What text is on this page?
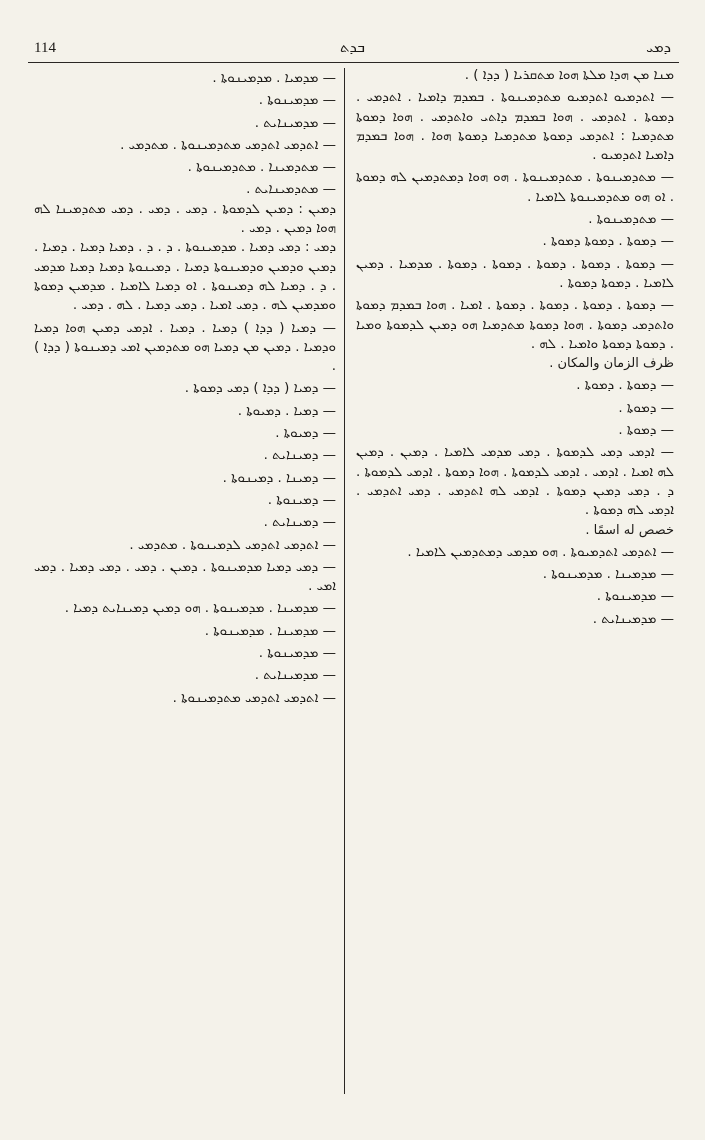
114	ܒܕܬ	ܕܡܝ

ܡܢܐ ܡܢ ܗܕܐ ܡܠܬܐ ܗܘܐ ܡܬܩܪܝܐ ( ܕܕܐ ) .

— ܐܬܕܡܝܘ ܐܬܕܡܝܘ ܡܬܕܡܝܢܘܬܐ . ܒܡܕܡ ܕܐܡܝܐ . ܐܬܕܡܝ . ܕܡܘܬܐ . ܐܬܕܡܝ . ܗܘܐ ܒܡܕܡ ܕܐܬܝ ܘܐܬܕܡܝ . ܗܘܐ ܕܡܘܬܐ ܡܬܕܡܝܐ : ܐܬܕܡܝ ܕܡܘܬܐ ܡܬܕܡܝܐ ܕܡܘܬܐ ܗܘܐ . ܗܘܐ ܒܡܕܡ ܕܐܡܝܐ ܐܬܕܡܝܘ .

— ܡܬܕܡܝܢܘܬܐ . ܡܬܕܡܝܢܘܬܐ . ܗܘ ܗܘܐ ܕܡܬܕܡܝܢ ܠܗ ܕܡܘܬܐ . ܐܘ ܗܘ ܡܬܕܡܝܢܘܬܐ ܠܐܡܝܐ .

— ܡܬܕܡܝܢܘܬܐ .

— ܕܡܘܬܐ . ܕܡܘܬܐ ܕܡܘܬܐ .

— ܕܡܘܬܐ . ܕܡܘܬܐ . ܕܡܘܬܐ . ܕܡܘܬܐ . ܕܡܘܬܐ . ܡܕܡܝܐ . ܕܡܝܢ ܠܐܡܝܐ . ܕܡܘܬܐ ܕܡܘܬܐ .

— ܕܡܘܬܐ . ܕܡܘܬܐ . ܕܡܘܬܐ . ܕܡܘܬܐ . ܐܡܝܐ . ܗܘܐ ܒܡܕܡ ܕܡܘܬܐ ܘܐܬܕܡܝ ܕܡܘܬܐ . ܗܘܐ ܕܡܘܬܐ ܡܬܕܡܝܐ ܗܘ ܕܡܝܢ ܠܕܡܘܬܐ ܘܡܝܐ . ܕܡܘܬܐ ܕܡܘܬܐ ܘܐܡܝܐ . ܠܗ .

ظرف الزمان والمكان .

— ܕܡܘܬܐ . ܕܡܘܬܐ .

— ܕܡܘܬܐ .

— ܕܡܘܬܐ .

— ܐܕܡܝ ܕܡܝ ܠܕܡܘܬܐ . ܕܡܝ ܡܕܡܝ ܠܐܡܝܐ . ܕܡܝܢ . ܕܡܝܢ ܠܗ ܐܡܝܐ . ܐܕܡܝ . ܐܕܡܝ ܠܕܡܘܬܐ . ܗܘܐ ܕܡܘܬܐ . ܐܕܡܝ ܠܕܡܘܬܐ . ܕ . ܕܡܝ ܕܡܝܢ ܕܡܘܬܐ . ܐܕܡܝ ܠܗ ܐܬܕܡܝ . ܕܡܝ ܐܬܕܡܝ . ܐܕܡܝ ܠܗ ܕܡܘܬܐ .

خصص له اسمًا .

— ܐܬܕܡܝ ܐܬܕܡܝܘܬܐ . ܗܘ ܡܕܡܝ ܕܡܬܕܡܝܢ ܠܐܡܝܐ .

— ܡܕܡܝܢܐ . ܡܕܡܝܢܘܬܐ .

— ܡܕܡܝܢܘܬܐ .

— ܡܕܡܝܢܐܝܬ .

— ܡܕܡܝܐ . ܡܕܡܝܢܘܬܐ .

— ܡܕܡܝܢܘܬܐ .

— ܡܕܡܝܢܐܝܬ .

— ܐܬܕܡܝ ܐܬܕܡܝ ܡܬܕܡܝܢܘܬܐ . ܡܬܕܡܝ .

— ܡܬܕܡܝܢܐ . ܡܬܕܡܝܢܘܬܐ .

— ܡܬܕܡܝܢܐܝܬ .

ܕܡܝܢ : ܕܡܝܢ ܠܕܡܘܬܐ . ܕܡܝ . ܕܡܝ . ܕܡܝ ܡܬܕܡܝܢܐ ܠܗ ܗܘܐ ܕܡܝܢ . ܕܡܝ .

ܕܡܝ : ܕܡܝ ܕܡܝܐ . ܡܕܡܝܢܘܬܐ . ܕ . ܕ . ܕܡܝܐ ܕܡܝܐ . ܕܡܝܐ . ܕܡܝܢ ܘܕܡܝܢ ܘܕܡܝܢܘܬܐ ܕܡܝܐ . ܕܡܝܢܘܬܐ ܕܡܝܐ ܕܡܝܐ ܡܕܡܝ . ܕ . ܕܡܝܐ ܠܗ ܕܡܝܢܘܬܐ . ܐܘ ܕܡܝܐ ܠܐܡܝܐ . ܡܕܡܝܢ ܕܡܘܬܐ ܘܡܕܡܝܢ ܠܗ . ܕܡܝ ܐܡܝܐ . ܕܡܝ ܕܡܝܐ . ܠܗ . ܕܡܝ .

— ܕܡܝܐ ( ܕܕܐ ) ܕܡܝܐ . ܕܡܝܐ . ܐܕܡܝ ܕܡܝܢ ܗܘܐ ܕܡܝܐ ܘܕܡܝܐ . ܕܡܝܢ ܡܢ ܕܡܝܐ ܗܘ ܡܬܕܡܝܢ ܐܡܝ ܕܡܝܢܘܬܐ ( ܕܕܐ ) .

— ܕܡܝܐ ( ܕܕܐ ) ܕܡܝ ܕܡܘܬܐ .

— ܕܡܝܐ . ܕܡܝܘܬܐ .

— ܕܡܝܘܬܐ .

— ܕܡܝܢܐܝܬ .

— ܕܡܝܢܐ . ܕܡܝܢܘܬܐ .

— ܕܡܝܢܘܬܐ .

— ܕܡܝܢܐܝܬ .

— ܐܬܕܡܝ ܐܬܕܡܝ ܠܕܡܝܢܘܬܐ . ܡܬܕܡܝ .

— ܕܡܝ ܕܡܝܐ ܡܕܡܝܢܘܬܐ . ܕܡܝܢ . ܕܡܝ . ܕܡܝ ܕܡܝܐ . ܕܡܝ ܐܡܝ .

— ܡܕܡܝܢܐ . ܡܕܡܝܢܘܬܐ . ܗܘ ܕܡܝܢ ܕܡܝܢܐܝܬ ܕܡܝܐ .

— ܡܕܡܝܢܐ . ܡܕܡܝܢܘܬܐ .

— ܡܕܡܝܢܘܬܐ .

— ܡܕܡܝܢܐܝܬ .

— ܐܬܕܡܝ ܐܬܕܡܝ ܡܬܕܡܝܢܘܬܐ .
